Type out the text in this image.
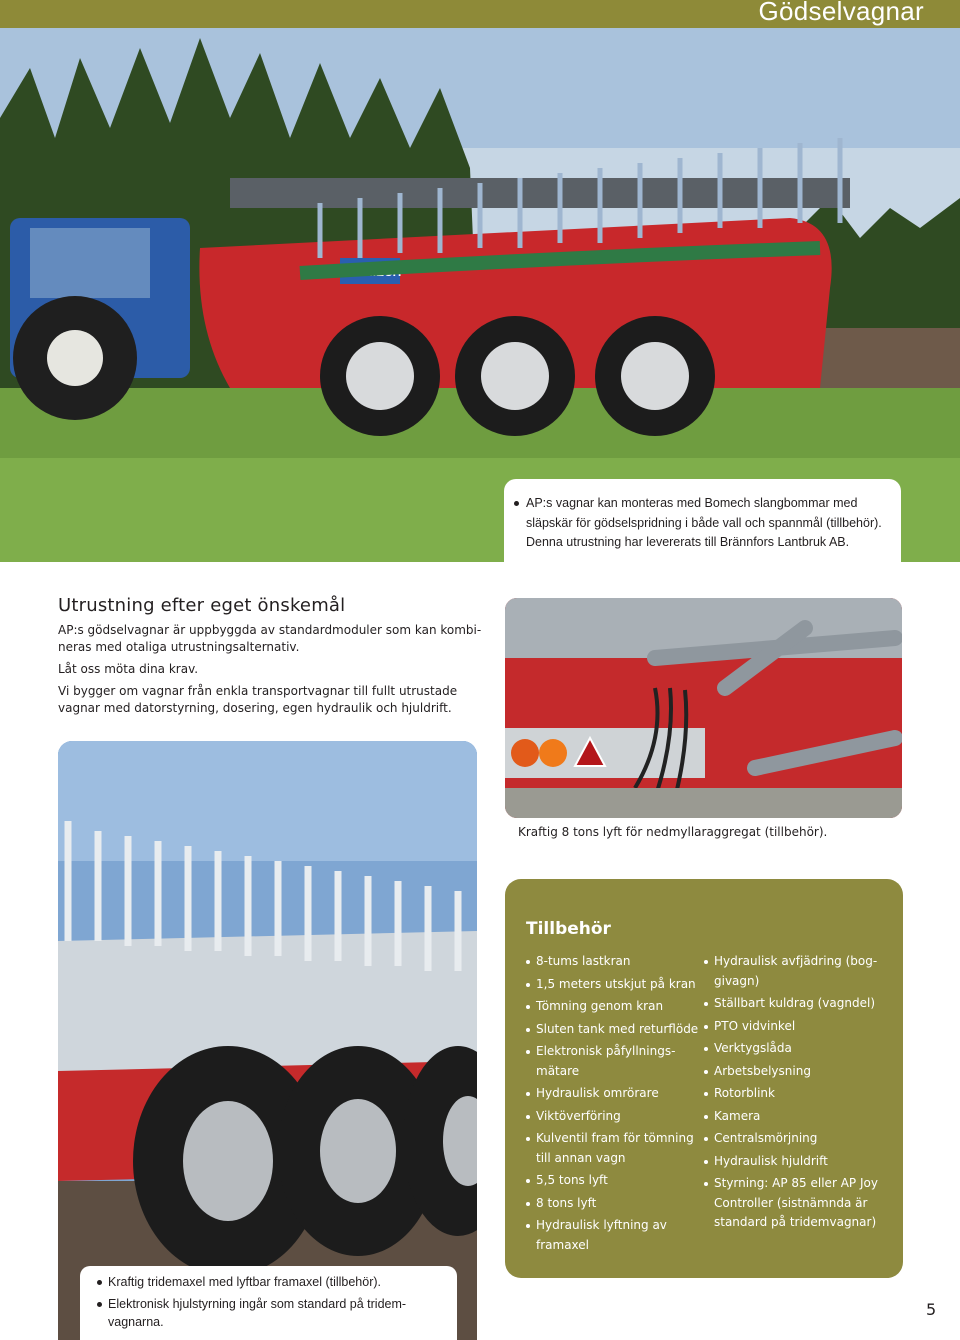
Gödselvagnar
BOMECH
AP:s vagnar kan monteras med Bomech slangbommar med släpskär för gödselspridning i både vall och spannmål (tillbehör). Denna utrustning har levererats till Brännfors Lantbruk AB.
Utrustning efter eget önskemål
AP:s gödselvagnar är uppbyggda av standardmoduler som kan kombi-
neras med otaliga utrustningsalternativ.
Låt oss möta dina krav.
Vi bygger om vagnar från enkla transportvagnar till fullt utrustade
vagnar med datorstyrning, dosering, egen hydraulik och hjuldrift.
Kraftig 8 tons lyft för nedmyllaraggregat (tillbehör).
Kraftig tridemaxel med lyftbar framaxel (tillbehör).
Elektronisk hjulstyrning ingår som standard på tridem-
vagnarna.
Tillbehör
8-tums lastkran
1,5 meters utskjut på kran
Tömning genom kran
Sluten tank med returflöde
Elektronisk påfyllnings-
mätare
Hydraulisk omrörare
Viktöverföring
Kulventil fram för tömning
till annan vagn
5,5 tons lyft
8 tons lyft
Hydraulisk lyftning av
framaxel
Hydraulisk avfjädring (bog-
givagn)
Ställbart kuldrag (vagndel)
PTO vidvinkel
Verktygslåda
Arbetsbelysning
Rotorblink
Kamera
Centralsmörjning
Hydraulisk hjuldrift
Styrning: AP 85 eller AP Joy
Controller (sistnämnda är
standard på tridemvagnar)
5
